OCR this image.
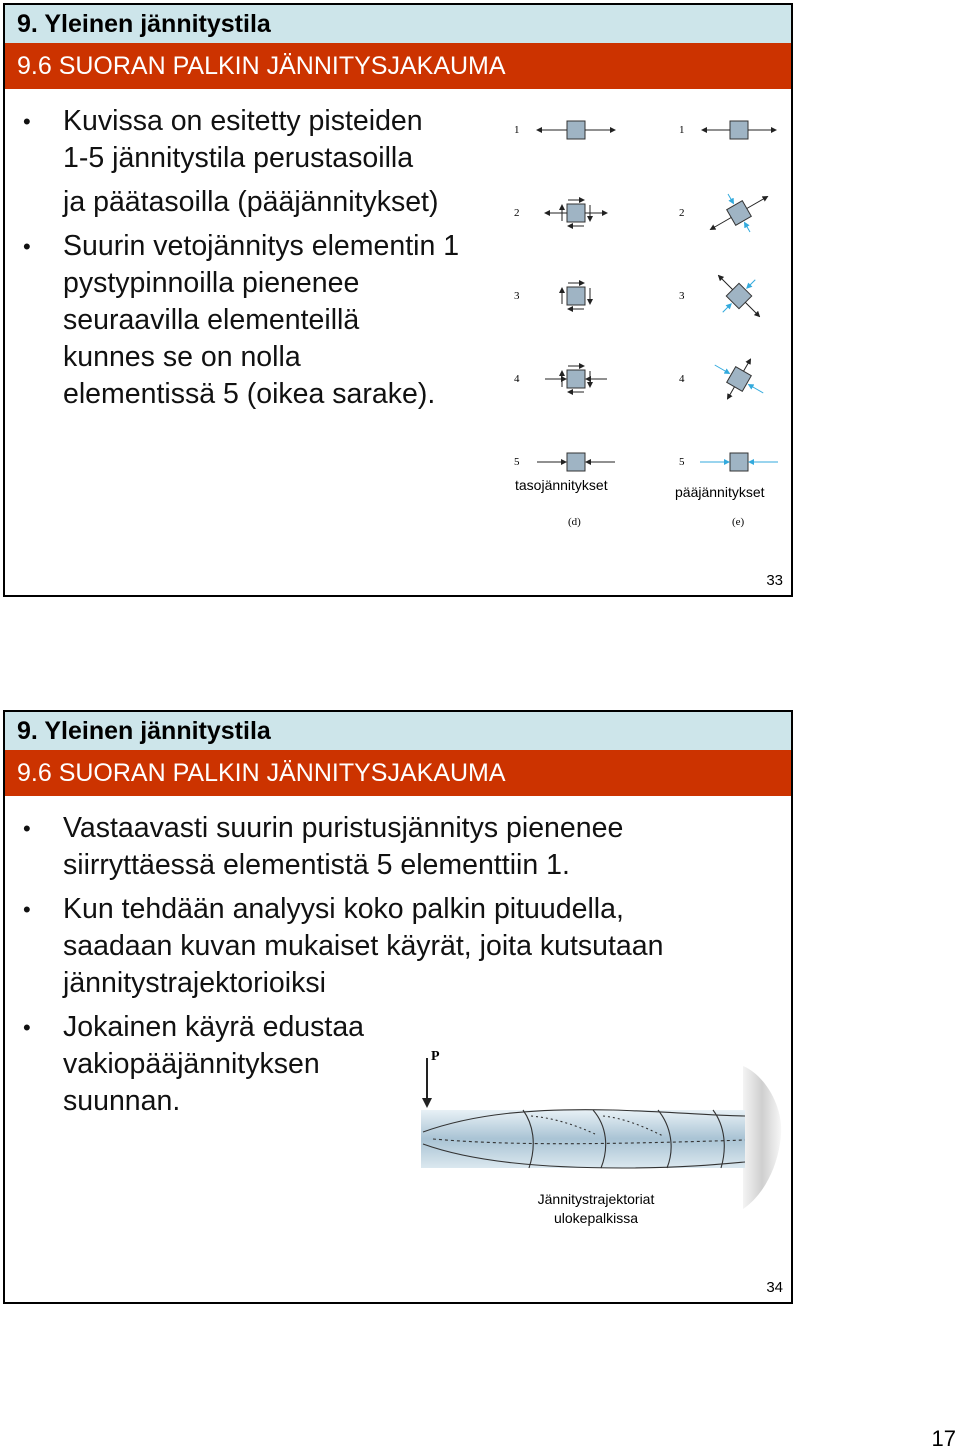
9. Yleinen jännitystila
9.6 SUORAN PALKIN JÄNNITYSJAKAUMA
• Kuvissa on esitetty pisteiden
1-5 jännitystila perustasoilla
ja päätasoilla (pääjännitykset)
• Suurin vetojännitys elementin 1
pystypinnoilla pienenee
seuraavilla elementeillä
kunnes se on nolla
elementissä 5 (oikea sarake).
1
2
3
4
5
1
2
3
4
5
(d)	(e)
tasojännitykset	pääjännitykset
33
9. Yleinen jännitystila
9.6 SUORAN PALKIN JÄNNITYSJAKAUMA
• Vastaavasti suurin puristusjännitys pienenee
siirryttäessä elementistä 5 elementtiin 1.
• Kun tehdään analyysi koko palkin pituudella,
saadaan kuvan mukaiset käyrät, joita kutsutaan
jännitystrajektorioiksi
• Jokainen käyrä edustaa
vakiopääjännityksen
suunnan.
P
Jännitystrajektoriat
ulokepalkissa
34
17
